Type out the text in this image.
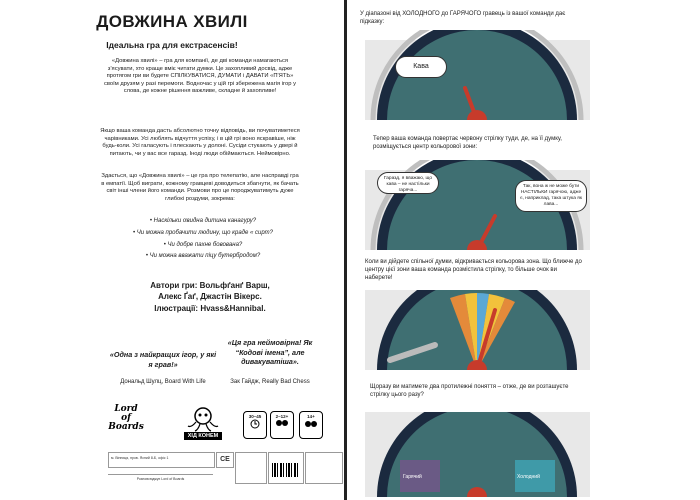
ДОВЖИНА ХВИЛІ
Ідеальна гра для екстрасенсів!
«Довжина хвилі» – гра для компанії, де дві команди намагаються з'ясувати, хто краще вміє читати думки. Це захопливий досвід, адже протягом гри ви будете СПІЛКУВАТИСЯ, ДУМАТИ і ДАВАТИ «П'ЯТЬ» своїм друзям у разі перемоги. Водночас у цій грі збережена магія ігор у слова, де кожне рішення важливе, складне й захопливе!
Якщо ваша команда дасть абсолютно точну відповідь, ви почуватиметеся чарівниками. Усі люблять відчуття успіху, і в цій грі воно яскравіше, ніж будь-коли. Усі галасують і плескають у долоні. Сусіди стукають у двері й питають, чи у вас все гаразд. Іноді люди обіймаються. Неймовірно.
Здається, що «Довжина хвилі» – це гра про телепатію, але насправді гра в емпатії. Щоб виграти, кожному гравцеві доводиться збагнути, як бачать світ інші члени його команди. Розмови про це породжуватимуть дуже глибокі роздуми, зокрема:
• Наскільки ơвидна дитина канагуру?
• Чи можна пробачити людину, що краде « сирт?
• Чи добре пахне бовована?
• Чи можна вважати піцу бутербродом?
Автори гри: Вольфґанґ Варш,
Алекс Ґаґ, Джастін Вікерс.
Ілюстрації: Hvass&Hannibal.
«Одна з найкращих ігор, у які я грав!»
Дональд Шулц, Board With Life
«Ця гра неймовірна! Як “Кодові імена”, але дивакуватіша».
Зак Гайдж, Really Bad Chess
Lord of Boards
ХІД КОНЕМ
30–45	2–12+	14+
м. Вінниця, пров. Ясний 8-Б, офіс 1	CE
Розповсюджує Lord of Boards
У діапазоні від ХОЛОДНОГО до ГАРЯЧОГО гравець із вашої команди дає підказку:
Кава
Тепер ваша команда повертає червону стрілку туди, де, на її думку, розміщується центр кольорової зони:
Гаразд, я вважаю, що кава – не настільки гаряча...
Так, вона ж не може бути НАСТІЛЬКИ гарячою, адже є, наприклад, така штука як лава...
Коли ви дійдете спільної думки, відкривається кольорова зона. Що ближче до центру цієї зони ваша команда розмістила стрілку, то більше очок ви наберете!
Щоразу ви матимете два протилежні поняття – отже, де ви розташуєте стрілку цього разу?
Гарячий	Холодний
